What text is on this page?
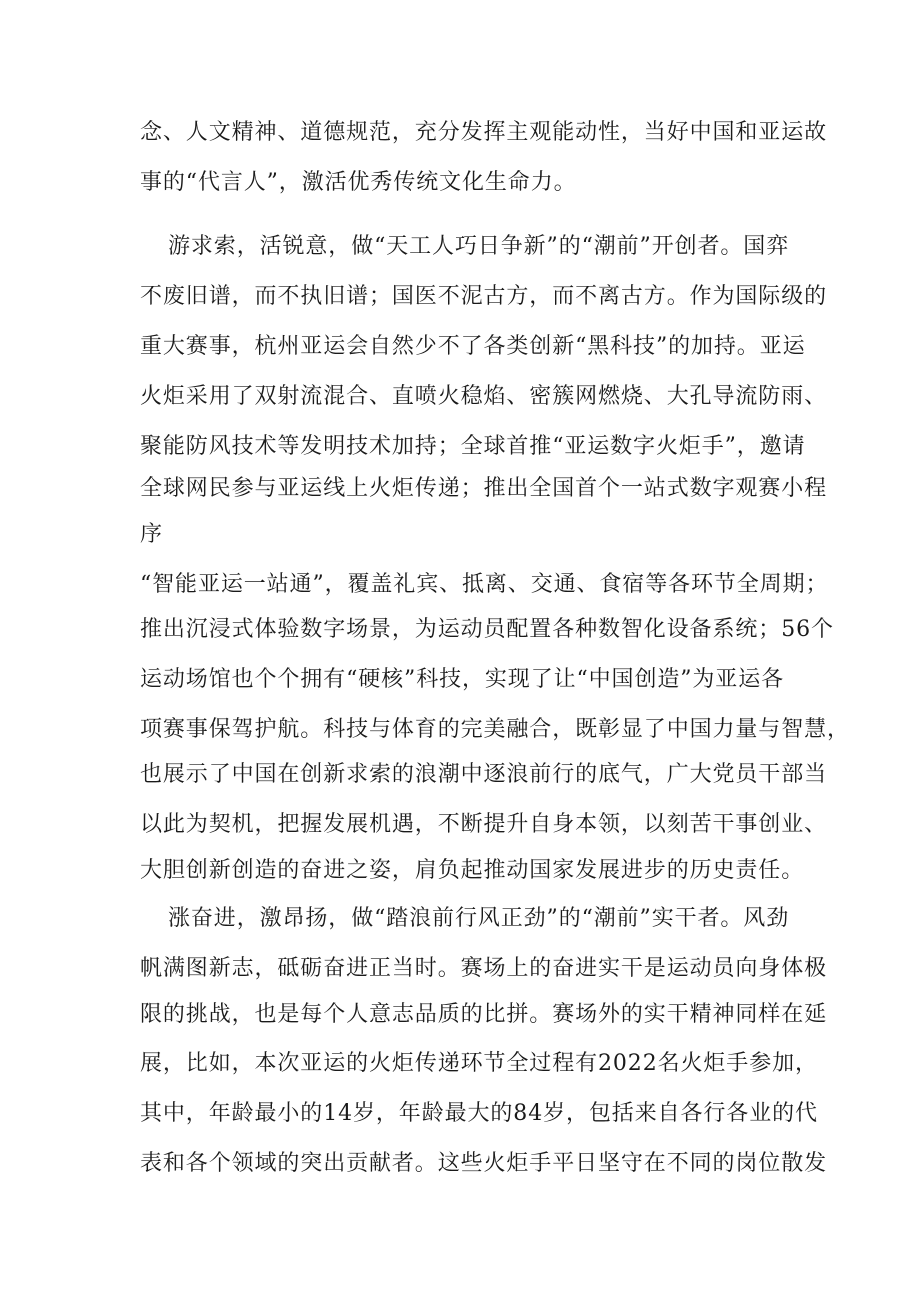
念、人文精神、道德规范，充分发挥主观能动性，当好中国和亚运故
事的“代言人”，激活优秀传统文化生命力。
游求索，活锐意，做“天工人巧日争新”的“潮前”开创者。国弈
不废旧谱，而不执旧谱；国医不泥古方，而不离古方。作为国际级的
重大赛事，杭州亚运会自然少不了各类创新“黑科技”的加持。亚运
火炬采用了双射流混合、直喷火稳焰、密簇网燃烧、大孔导流防雨、
聚能防风技术等发明技术加持；全球首推“亚运数字火炬手”，邀请
全球网民参与亚运线上火炬传递；推出全国首个一站式数字观赛小程
序
“智能亚运一站通”，覆盖礼宾、抵离、交通、食宿等各环节全周期；
推出沉浸式体验数字场景，为运动员配置各种数智化设备系统；56个
运动场馆也个个拥有“硬核”科技，实现了让“中国创造”为亚运各
项赛事保驾护航。科技与体育的完美融合，既彰显了中国力量与智慧，
也展示了中国在创新求索的浪潮中逐浪前行的底气，广大党员干部当
以此为契机，把握发展机遇，不断提升自身本领，以刻苦干事创业、
大胆创新创造的奋进之姿，肩负起推动国家发展进步的历史责任。
涨奋进，激昂扬，做“踏浪前行风正劲”的“潮前”实干者。风劲
帆满图新志，砥砺奋进正当时。赛场上的奋进实干是运动员向身体极
限的挑战，也是每个人意志品质的比拼。赛场外的实干精神同样在延
展，比如，本次亚运的火炬传递环节全过程有2022名火炬手参加，
其中，年龄最小的14岁，年龄最大的84岁，包括来自各行各业的代
表和各个领域的突出贡献者。这些火炬手平日坚守在不同的岗位散发
